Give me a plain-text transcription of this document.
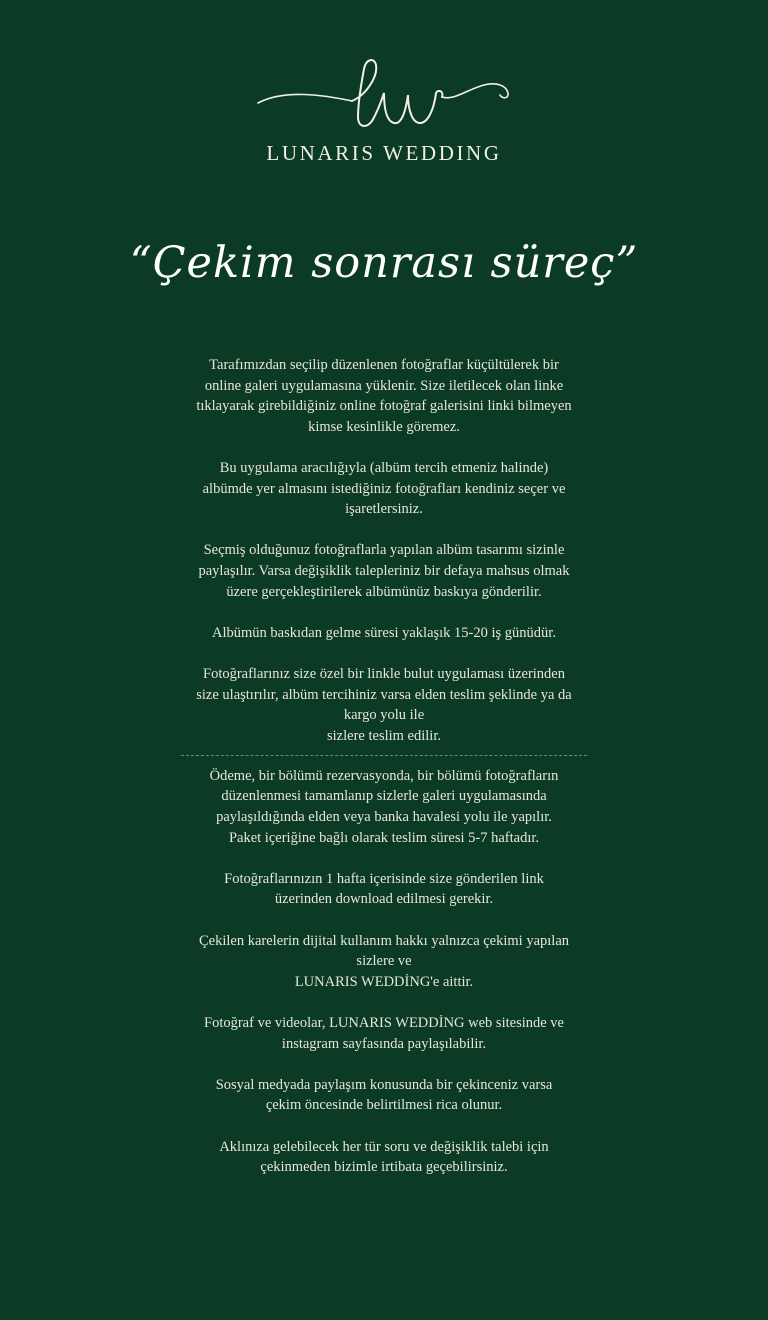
LUNARIS WEDDING
“Çekim sonrası süreç”
Tarafımızdan seçilip düzenlenen fotoğraflar küçültülerek bir
online galeri uygulamasına yüklenir. Size iletilecek olan linke
tıklayarak girebildiğiniz online fotoğraf galerisini linki bilmeyen
kimse kesinlikle göremez.
Bu uygulama aracılığıyla (albüm tercih etmeniz halinde)
albümde yer almasını istediğiniz fotoğrafları kendiniz seçer ve
işaretlersiniz.
Seçmiş olduğunuz fotoğraflarla yapılan albüm tasarımı sizinle
paylaşılır. Varsa değişiklik talepleriniz bir defaya mahsus olmak
üzere gerçekleştirilerek albümünüz baskıya gönderilir.
Albümün baskıdan gelme süresi yaklaşık 15-20 iş günüdür.
Fotoğraflarınız size özel bir linkle bulut uygulaması üzerinden
size ulaştırılır, albüm tercihiniz varsa elden teslim şeklinde ya da
kargo yolu ile
sizlere teslim edilir.
Ödeme, bir bölümü rezervasyonda, bir bölümü fotoğrafların
düzenlenmesi tamamlanıp sizlerle galeri uygulamasında
paylaşıldığında elden veya banka havalesi yolu ile yapılır.
Paket içeriğine bağlı olarak teslim süresi 5-7 haftadır.
Fotoğraflarınızın 1 hafta içerisinde size gönderilen link
üzerinden download edilmesi gerekir.
Çekilen karelerin dijital kullanım hakkı yalnızca çekimi yapılan
sizlere ve
LUNARIS WEDDİNG'e aittir.
Fotoğraf ve videolar, LUNARIS WEDDİNG web sitesinde ve
instagram sayfasında paylaşılabilir.
Sosyal medyada paylaşım konusunda bir çekinceniz varsa
çekim öncesinde belirtilmesi rica olunur.
Aklınıza gelebilecek her tür soru ve değişiklik talebi için
çekinmeden bizimle irtibata geçebilirsiniz.
